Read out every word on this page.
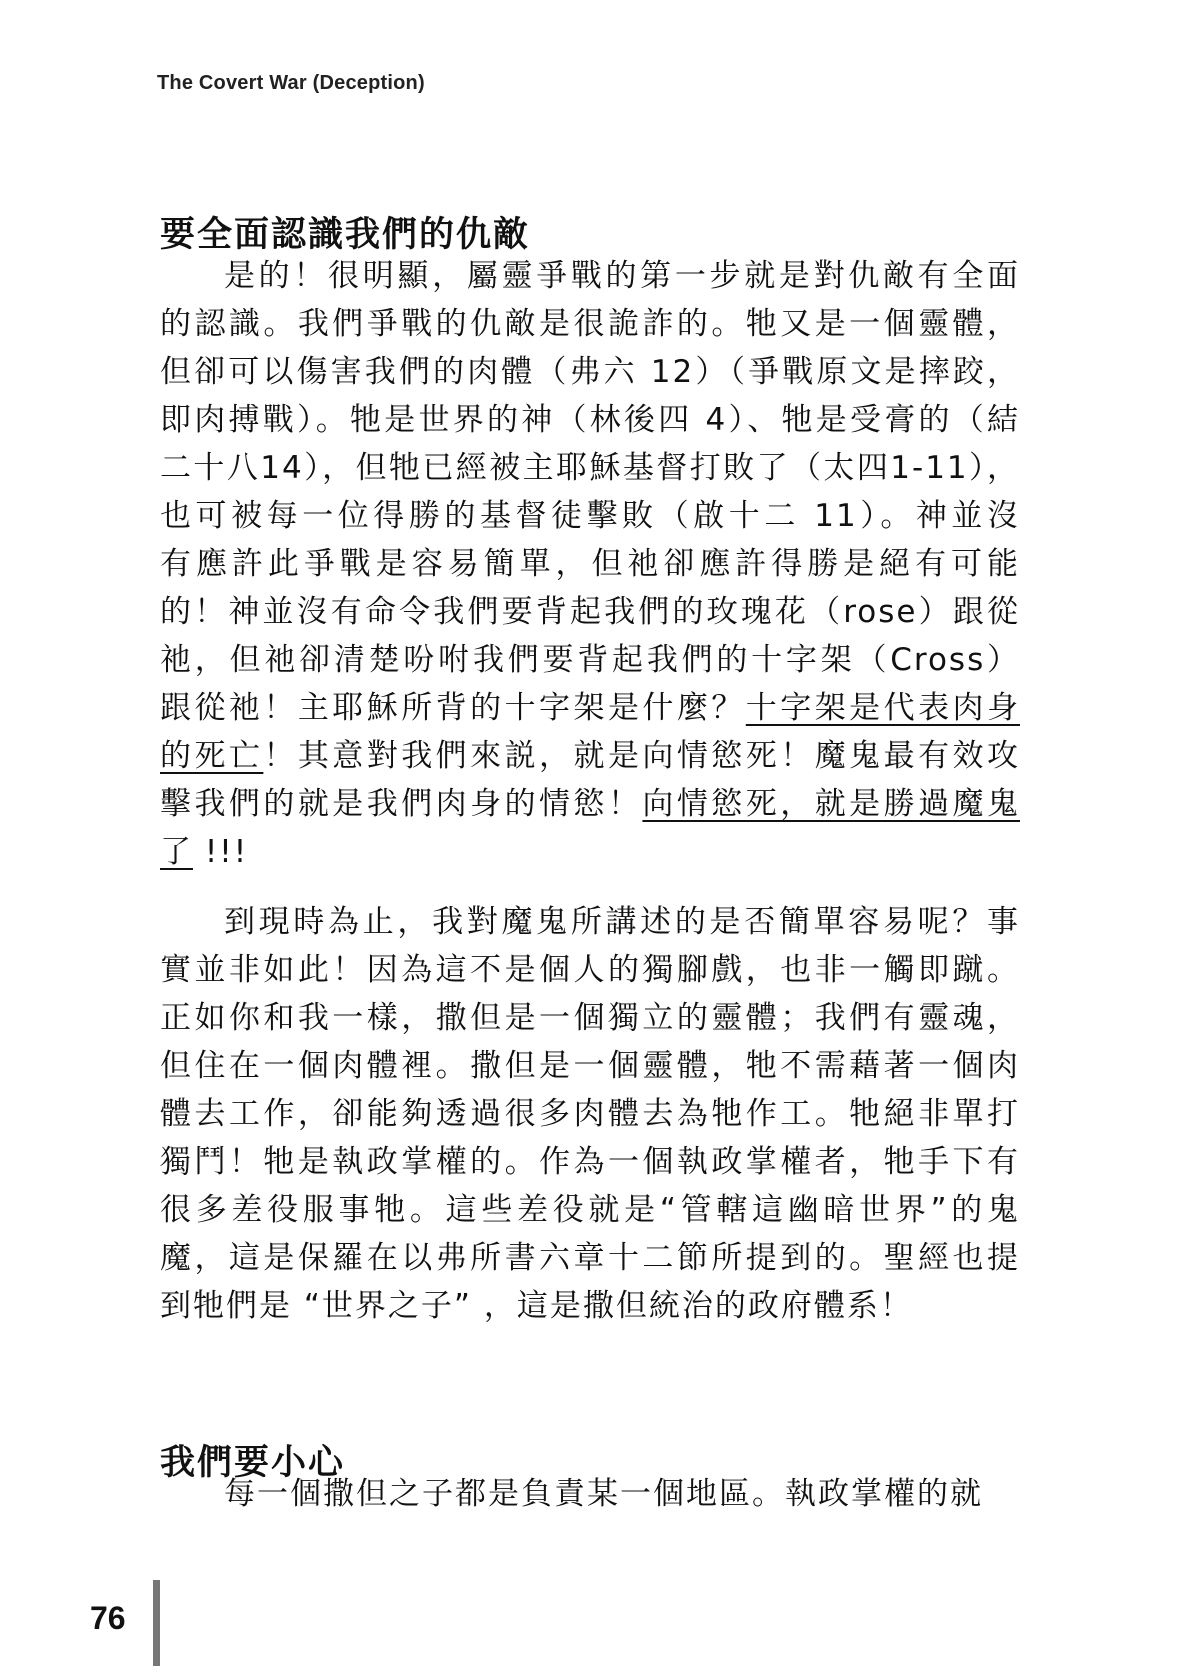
The Covert War (Deception)
要全面認識我們的仇敵
是的！很明顯，屬靈爭戰的第一步就是對仇敵有全面
的認識。我們爭戰的仇敵是很詭詐的。牠又是一個靈體，
但卻可以傷害我們的肉體（弗六 12）（爭戰原文是摔跤，
即肉搏戰）。牠是世界的神（林後四 4）、牠是受膏的（結
二十八14），但牠已經被主耶穌基督打敗了（太四1-11），
也可被每一位得勝的基督徒擊敗（啟十二 11）。神並沒
有應許此爭戰是容易簡單，但祂卻應許得勝是絕有可能
的！神並沒有命令我們要背起我們的玫瑰花（rose）跟從
祂，但祂卻清楚吩咐我們要背起我們的十字架（Cross）
跟從祂！主耶穌所背的十字架是什麼？十字架是代表肉身
的死亡！其意對我們來説，就是向情慾死！魔鬼最有效攻
擊我們的就是我們肉身的情慾！向情慾死，就是勝過魔鬼
了 !!!
到現時為止，我對魔鬼所講述的是否簡單容易呢？事
實並非如此！因為這不是個人的獨腳戲，也非一觸即蹴。
正如你和我一樣，撒但是一個獨立的靈體；我們有靈魂，
但住在一個肉體裡。撒但是一個靈體，牠不需藉著一個肉
體去工作，卻能夠透過很多肉體去為牠作工。牠絕非單打
獨鬥！牠是執政掌權的。作為一個執政掌權者，牠手下有
很多差役服事牠。這些差役就是“管轄這幽暗世界”的鬼
魔，這是保羅在以弗所書六章十二節所提到的。聖經也提
到牠們是 “世界之子” ，這是撒但統治的政府體系！
我們要小心
每一個撒但之子都是負責某一個地區。執政掌權的就
76
